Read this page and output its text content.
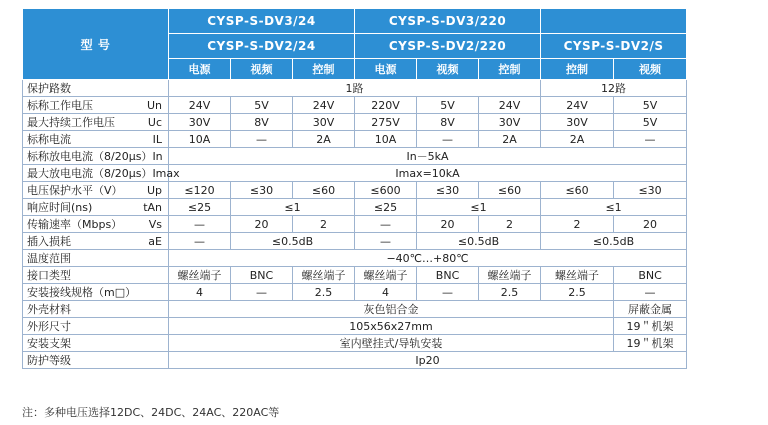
型 号	CYSP-S-DV3/24			CYSP-S-DV3/220				
	CYSP-S-DV2/24			CYSP-S-DV2/220			CYSP-S-DV2/S	
	电源	视频	控制	电源	视频	控制	控制	视频

保护路数	1路						12路	

标称工作电压 Un	24V	5V	24V	220V	5V	24V	24V	5V

最大持续工作电压 Uc	30V	8V	30V	275V	8V	30V	30V	5V

标称电流 IL	10A	—	2A	10A	—	2A	2A	—

标称放电电流（8/20μs） In	In－5kA							

最大放电电流（8/20μs） Imax	Imax=10kA							

电压保护水平（V） Up	≤120	≤30	≤60	≤600	≤30	≤60	≤60	≤30

响应时间(ns) tAn	≤25	≤1		≤25	≤1		≤1	

传输速率（Mbps） Vs	—	20	2	—	20	2	2	20

插入损耗 aE	—	≤0.5dB		—	≤0.5dB		≤0.5dB	

温度范围	−40℃…+80℃							

接口类型	螺丝端子	BNC	螺丝端子	螺丝端子	BNC	螺丝端子	螺丝端子	BNC

安装接线规格（m□）	4	—	2.5	4	—	2.5	2.5	—

外壳材料	灰色铝合金							屏蔽金属

外形尺寸	105x56x27mm							19＂机架

安装支架	室内壁挂式/导轨安装							19＂机架

防护等级	Ip20							
注：多种电压选择12DC、24DC、24AC、220AC等
